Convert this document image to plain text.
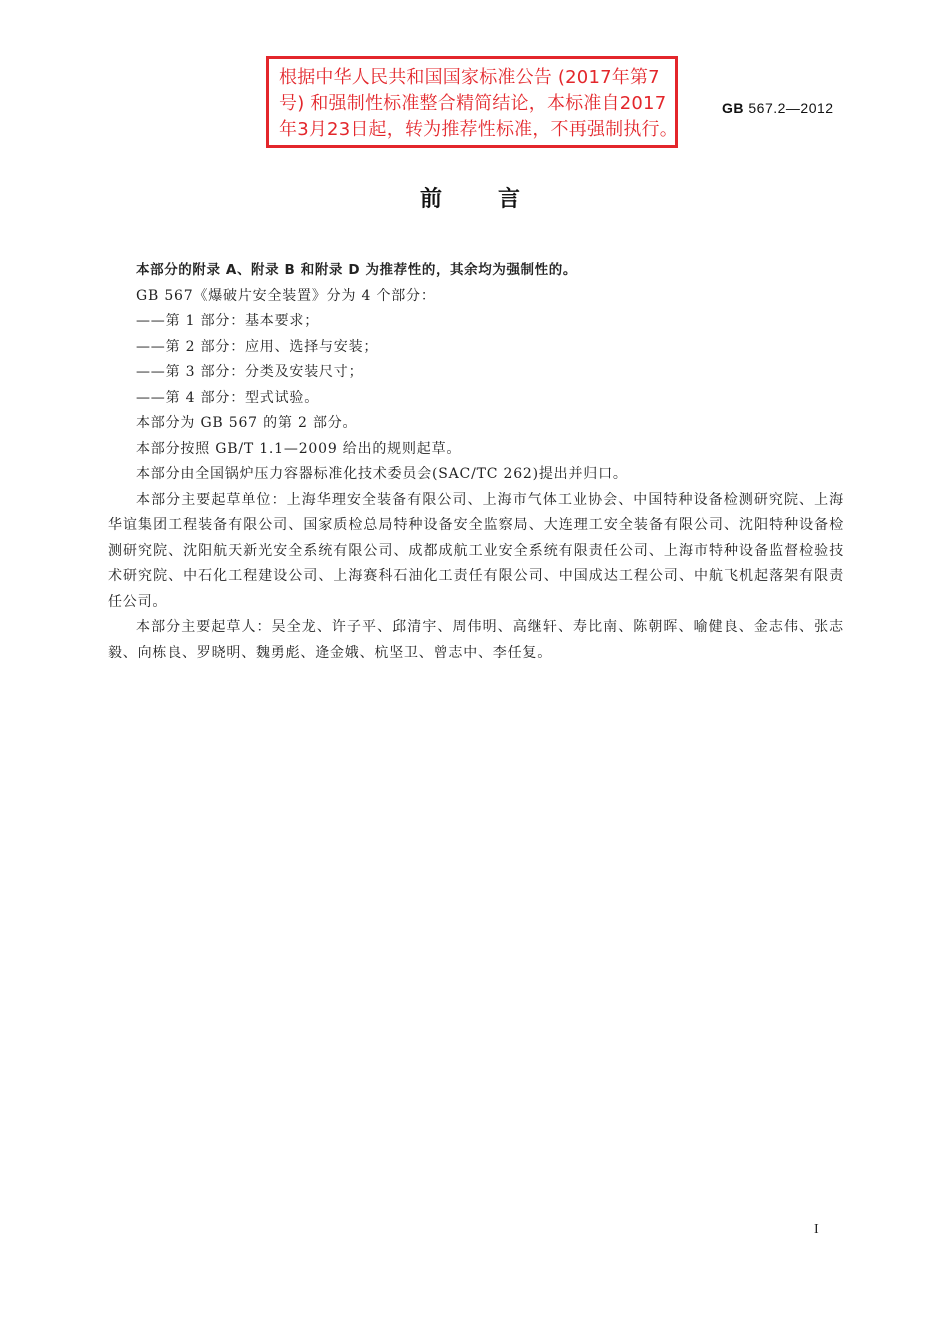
根据中华人民共和国国家标准公告 (2017年第7
号) 和强制性标准整合精简结论，本标准自2017
年3月23日起，转为推荐性标准，不再强制执行。
GB 567.2—2012
前言

本部分的附录 A、附录 B 和附录 D 为推荐性的，其余均为强制性的。

GB 567《爆破片安全装置》分为 4 个部分：

——第 1 部分：基本要求；

——第 2 部分：应用、选择与安装；

——第 3 部分：分类及安装尺寸；

——第 4 部分：型式试验。

本部分为 GB 567 的第 2 部分。

本部分按照 GB/T 1.1—2009 给出的规则起草。

本部分由全国锅炉压力容器标准化技术委员会(SAC/TC 262)提出并归口。

本部分主要起草单位：上海华理安全装备有限公司、上海市气体工业协会、中国特种设备检测研究院、上海华谊集团工程装备有限公司、国家质检总局特种设备安全监察局、大连理工安全装备有限公司、沈阳特种设备检测研究院、沈阳航天新光安全系统有限公司、成都成航工业安全系统有限责任公司、上海市特种设备监督检验技术研究院、中石化工程建设公司、上海赛科石油化工责任有限公司、中国成达工程公司、中航飞机起落架有限责任公司。

本部分主要起草人：吴全龙、许子平、邱清宇、周伟明、高继轩、寿比南、陈朝晖、喻健良、金志伟、张志毅、向栋良、罗晓明、魏勇彪、逄金娥、杭坚卫、曾志中、李任复。

I
